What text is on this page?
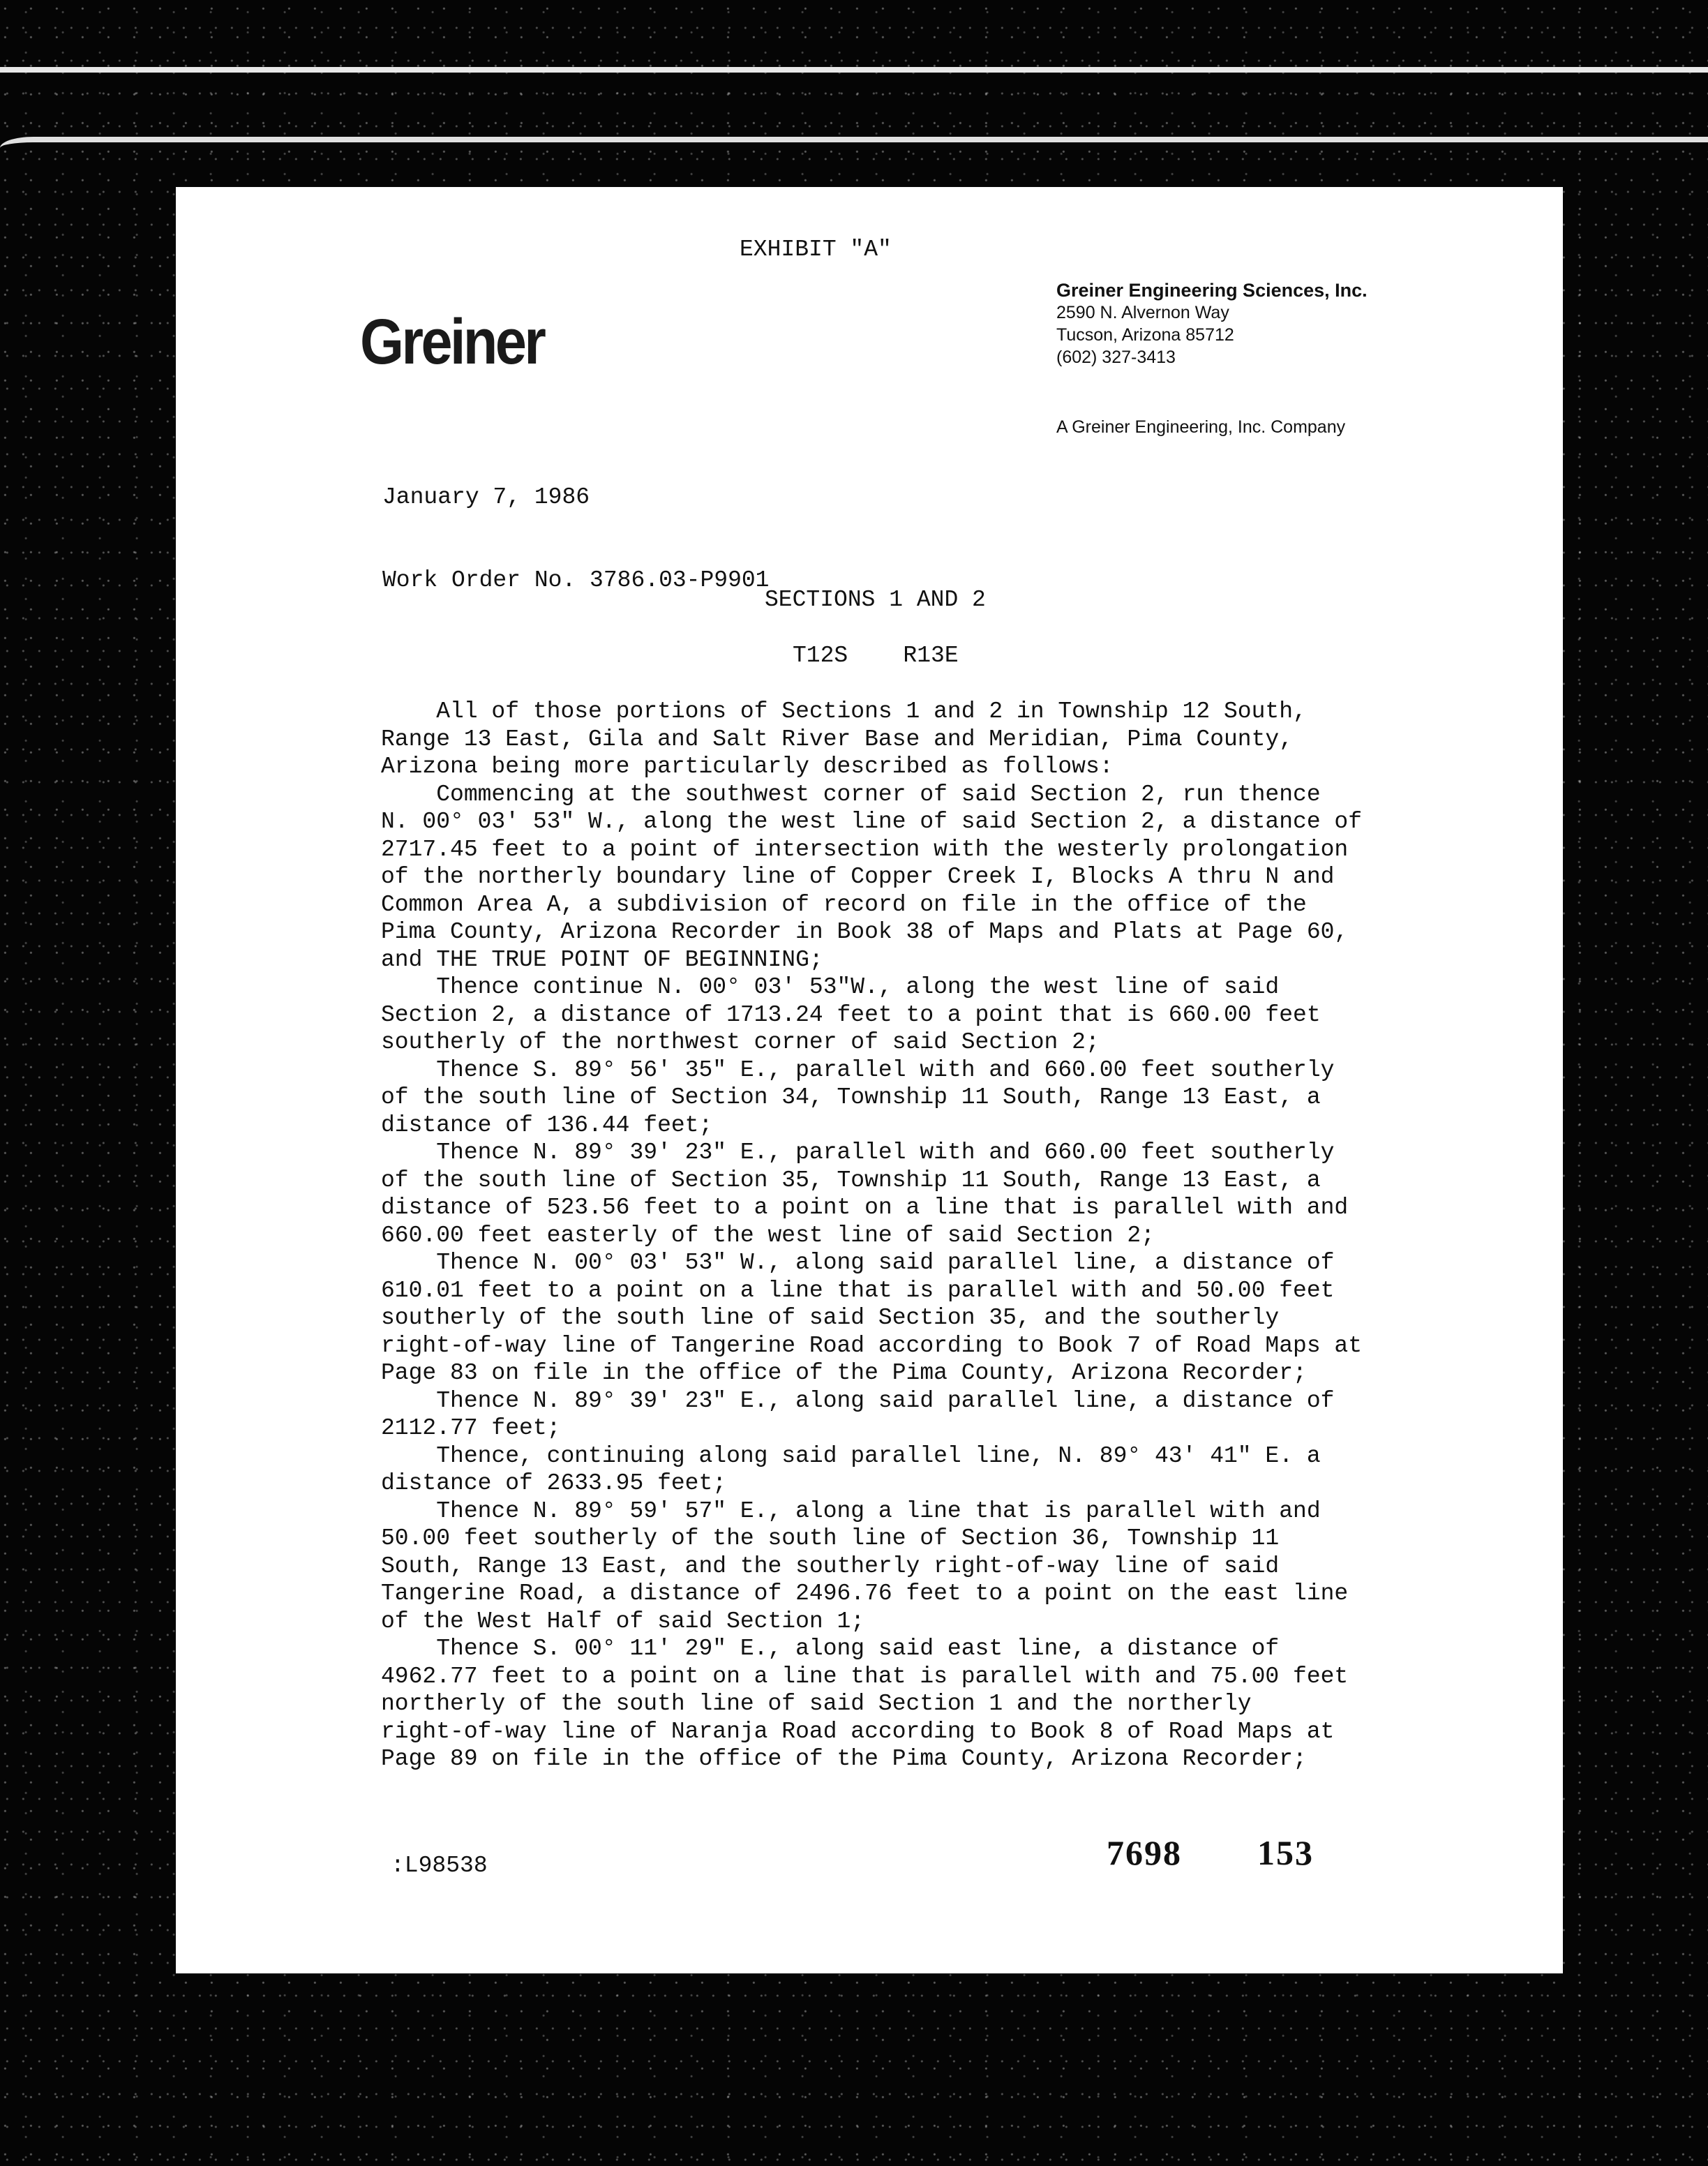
EXHIBIT "A"
Greiner
Greiner Engineering Sciences, Inc.
2590 N. Alvernon Way
Tucson, Arizona 85712
(602) 327-3413
A Greiner Engineering, Inc. Company

January 7, 1986

Work Order No. 3786.03-P9901

SECTIONS 1 AND 2
T12S    R13E
All of those portions of Sections 1 and 2 in Township 12 South,
Range 13 East, Gila and Salt River Base and Meridian, Pima County,
Arizona being more particularly described as follows:
Commencing at the southwest corner of said Section 2, run thence
N. 00° 03' 53" W., along the west line of said Section 2, a distance of
2717.45 feet to a point of intersection with the westerly prolongation
of the northerly boundary line of Copper Creek I, Blocks A thru N and
Common Area A, a subdivision of record on file in the office of the
Pima County, Arizona Recorder in Book 38 of Maps and Plats at Page 60,
and THE TRUE POINT OF BEGINNING;
Thence continue N. 00° 03' 53"W., along the west line of said
Section 2, a distance of 1713.24 feet to a point that is 660.00 feet
southerly of the northwest corner of said Section 2;
Thence S. 89° 56' 35" E., parallel with and 660.00 feet southerly
of the south line of Section 34, Township 11 South, Range 13 East, a
distance of 136.44 feet;
Thence N. 89° 39' 23" E., parallel with and 660.00 feet southerly
of the south line of Section 35, Township 11 South, Range 13 East, a
distance of 523.56 feet to a point on a line that is parallel with and
660.00 feet easterly of the west line of said Section 2;
Thence N. 00° 03' 53" W., along said parallel line, a distance of
610.01 feet to a point on a line that is parallel with and 50.00 feet
southerly of the south line of said Section 35, and the southerly
right-of-way line of Tangerine Road according to Book 7 of Road Maps at
Page 83 on file in the office of the Pima County, Arizona Recorder;
Thence N. 89° 39' 23" E., along said parallel line, a distance of
2112.77 feet;
Thence, continuing along said parallel line, N. 89° 43' 41" E. a
distance of 2633.95 feet;
Thence N. 89° 59' 57" E., along a line that is parallel with and
50.00 feet southerly of the south line of Section 36, Township 11
South, Range 13 East, and the southerly right-of-way line of said
Tangerine Road, a distance of 2496.76 feet to a point on the east line
of the West Half of said Section 1;
Thence S. 00° 11' 29" E., along said east line, a distance of
4962.77 feet to a point on a line that is parallel with and 75.00 feet
northerly of the south line of said Section 1 and the northerly
right-of-way line of Naranja Road according to Book 8 of Road Maps at
Page 89 on file in the office of the Pima County, Arizona Recorder;
:L98538	7698 153
